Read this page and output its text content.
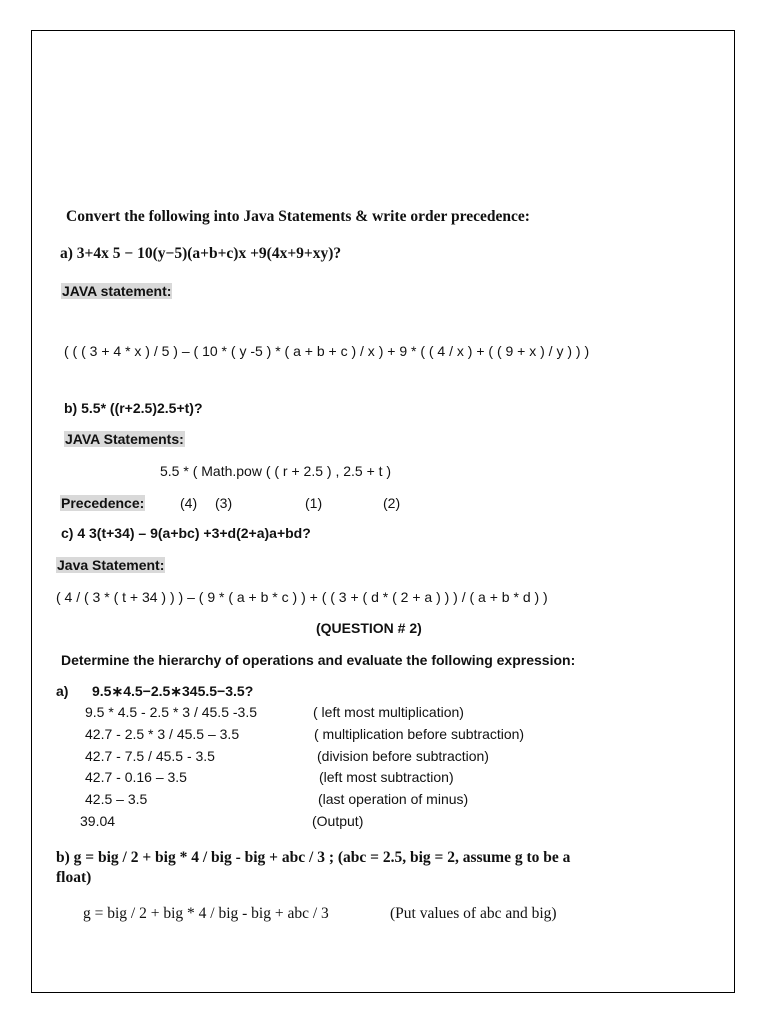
Convert the following into Java Statements & write order precedence:
a) 3+4x 5 − 10(y−5)(a+b+c)x +9(4x+9+xy)?
JAVA statement:
( ( ( 3 + 4 * x ) / 5 ) – ( 10 * ( y -5 ) * ( a + b + c ) / x ) + 9 * ( ( 4 / x ) + ( ( 9 + x ) / y ) ) )
b) 5.5* ((r+2.5)2.5+t)?
JAVA Statements:
5.5 * ( Math.pow ( ( r + 2.5 ) , 2.5 + t )
Precedence:	(4) (3)	(1)	(2)
c) 4 3(t+34) – 9(a+bc) +3+d(2+a)a+bd?
Java Statement:
( 4 / ( 3 * ( t + 34 ) ) ) – ( 9 * ( a + b * c ) ) + ( ( 3 + ( d * ( 2 + a ) ) ) / ( a + b * d ) )
(QUESTION # 2)
Determine the hierarchy of operations and evaluate the following expression:
a) 9.5∗4.5−2.5∗345.5−3.5?
9.5 * 4.5 - 2.5 * 3 / 45.5 -3.5	( left most multiplication)
42.7 - 2.5 * 3 / 45.5 – 3.5	( multiplication before subtraction)
42.7 - 7.5 / 45.5 - 3.5	(division before subtraction)
42.7 - 0.16 – 3.5	(left most subtraction)
42.5 – 3.5	(last operation of minus)
39.04	(Output)
b) g = big / 2 + big * 4 / big - big + abc / 3 ; (abc = 2.5, big = 2, assume g to be a
float)
g = big / 2 + big * 4 / big - big + abc / 3	(Put values of abc and big)
